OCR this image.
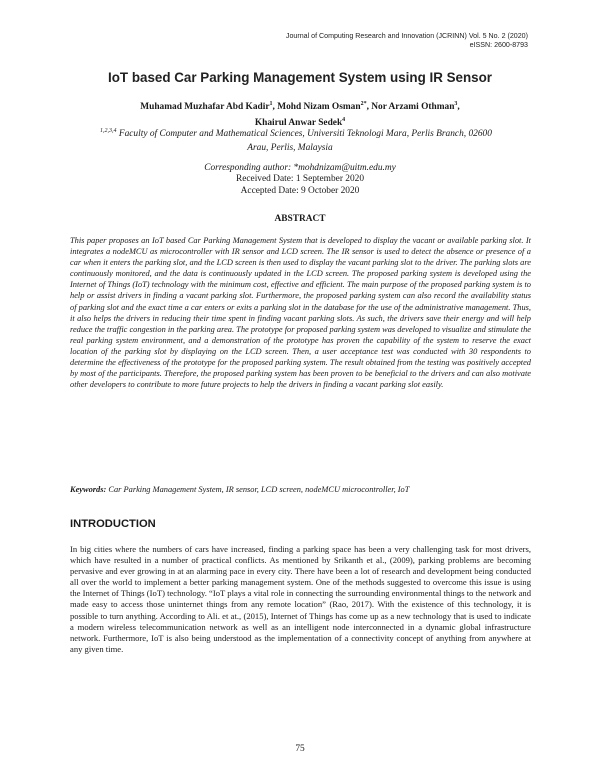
Journal of Computing Research and Innovation (JCRINN) Vol. 5 No. 2 (2020)
eISSN: 2600-8793
IoT based Car Parking Management System using IR Sensor
Muhamad Muzhafar Abd Kadir$^1$, Mohd Nizam Osman$^{2*}$, Nor Arzami Othman$^3$,
Khairul Anwar Sedek$^4$
$^{1,2,3,4}$ Faculty of Computer and Mathematical Sciences, Universiti Teknologi Mara, Perlis Branch, 02600
Arau, Perlis, Malaysia
Corresponding author: *mohdnizam@uitm.edu.my
Received Date: 1 September 2020
Accepted Date: 9 October 2020
ABSTRACT
This paper proposes an IoT based Car Parking Management System that is developed to display the vacant or available parking slot. It integrates a nodeMCU as microcontroller with IR sensor and LCD screen. The IR sensor is used to detect the absence or presence of a car when it enters the parking slot, and the LCD screen is then used to display the vacant parking slot to the driver. The parking slots are continuously monitored, and the data is continuously updated in the LCD screen. The proposed parking system is developed using the Internet of Things (IoT) technology with the minimum cost, effective and efficient. The main purpose of the proposed parking system is to help or assist drivers in finding a vacant parking slot. Furthermore, the proposed parking system can also record the availability status of parking slot and the exact time a car enters or exits a parking slot in the database for the use of the administrative management. Thus, it also helps the drivers in reducing their time spent in finding vacant parking slots. As such, the drivers save their energy and will help reduce the traffic congestion in the parking area. The prototype for proposed parking system was developed to visualize and stimulate the real parking system environment, and a demonstration of the prototype has proven the capability of the system to reserve the exact location of the parking slot by displaying on the LCD screen. Then, a user acceptance test was conducted with 30 respondents to determine the effectiveness of the prototype for the proposed parking system. The result obtained from the testing was positively accepted by most of the participants. Therefore, the proposed parking system has been proven to be beneficial to the drivers and can also motivate other developers to contribute to more future projects to help the drivers in finding a vacant parking slot easily.
Keywords: Car Parking Management System, IR sensor, LCD screen, nodeMCU microcontroller, IoT
INTRODUCTION
In big cities where the numbers of cars have increased, finding a parking space has been a very challenging task for most drivers, which have resulted in a number of practical conflicts. As mentioned by Srikanth et al., (2009), parking problems are becoming pervasive and ever growing in at an alarming pace in every city. There have been a lot of research and development being conducted all over the world to implement a better parking management system. One of the methods suggested to overcome this issue is using the Internet of Things (IoT) technology. “IoT plays a vital role in connecting the surrounding environmental things to the network and made easy to access those uninternet things from any remote location” (Rao, 2017). With the existence of this technology, it is possible to turn anything. According to Ali. et at., (2015), Internet of Things has come up as a new technology that is used to indicate a modern wireless telecommunication network as well as an intelligent node interconnected in a dynamic global infrastructure network. Furthermore, IoT is also being understood as the implementation of a connectivity concept of anything from anywhere at any given time.
75
